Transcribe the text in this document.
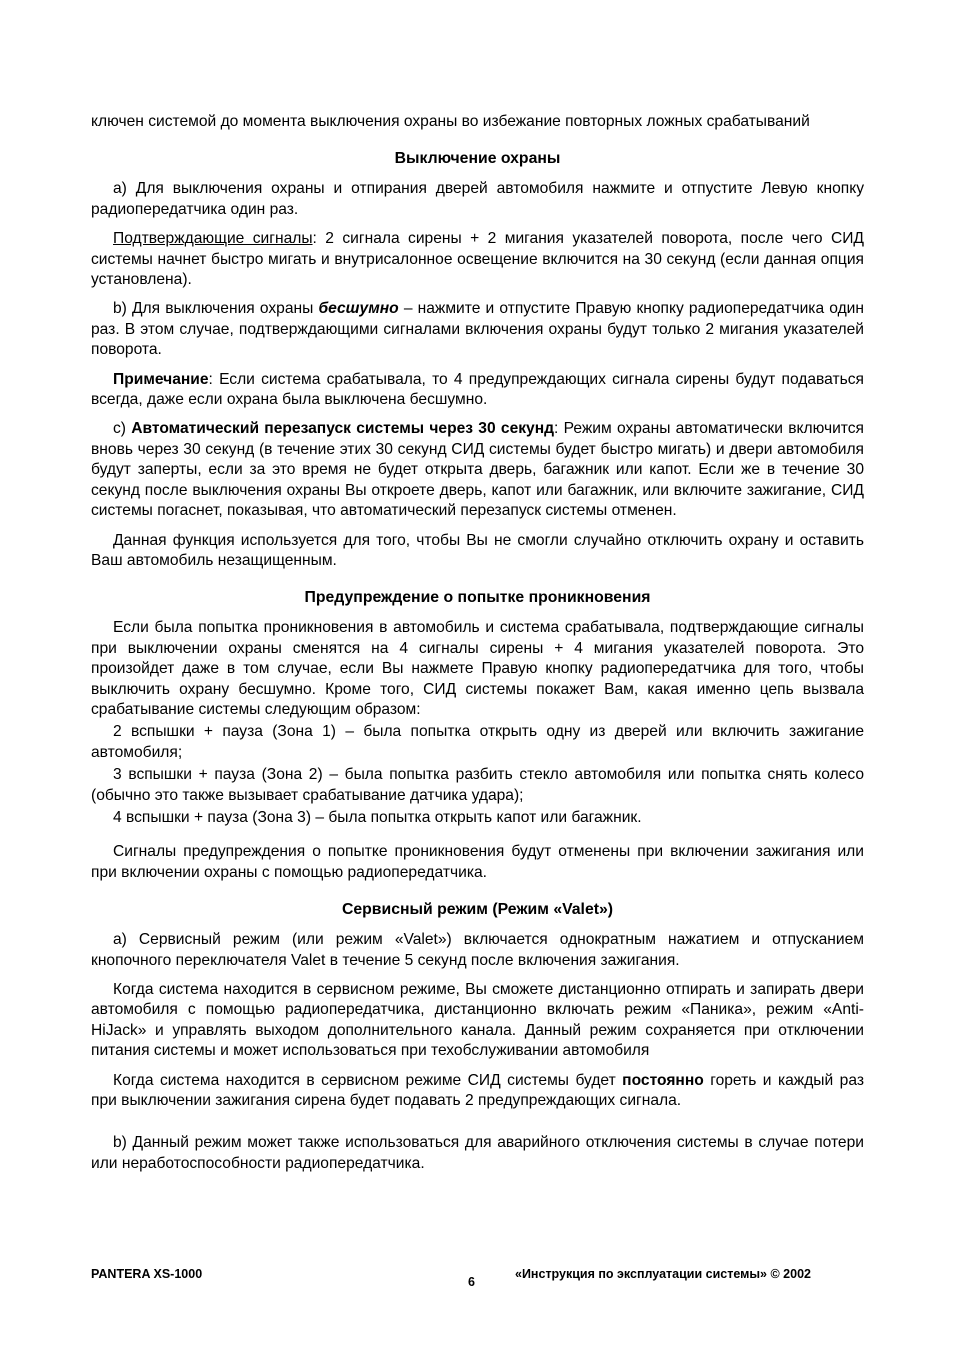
ключен системой до момента выключения охраны во избежание повторных ложных срабатываний

Выключение охраны

а) Для выключения охраны и отпирания дверей автомобиля нажмите и отпустите Левую кнопку радиопередатчика один раз.

Подтверждающие сигналы: 2 сигнала сирены + 2 мигания указателей поворота, после чего СИД системы начнет быстро мигать и внутрисалонное освещение включится на 30 секунд (если данная опция установлена).

b) Для выключения охраны бесшумно – нажмите и отпустите Правую кнопку радиопередатчика один раз. В этом случае, подтверждающими сигналами включения охраны будут только 2 мигания указателей поворота.

Примечание: Если система срабатывала, то 4 предупреждающих сигнала сирены будут подаваться всегда, даже если охрана была выключена бесшумно.

с) Автоматический перезапуск системы через 30 секунд: Режим охраны автоматически включится вновь через 30 секунд (в течение этих 30 секунд СИД системы будет быстро мигать) и двери автомобиля будут заперты, если за это время не будет открыта дверь, багажник или капот. Если же в течение 30 секунд после выключения охраны Вы откроете дверь, капот или багажник, или включите зажигание, СИД системы погаснет, показывая, что автоматический перезапуск системы отменен.

Данная функция используется для того, чтобы Вы не смогли случайно отключить охрану и оставить Ваш автомобиль незащищенным.

Предупреждение о попытке проникновения

Если была попытка проникновения в автомобиль и система срабатывала, подтверждающие сигналы при выключении охраны сменятся на 4 сигналы сирены + 4 мигания указателей поворота. Это произойдет даже в том случае, если Вы нажмете Правую кнопку радиопередатчика для того, чтобы выключить охрану бесшумно. Кроме того, СИД системы покажет Вам, какая именно цепь вызвала срабатывание системы следующим образом:

2 вспышки + пауза (Зона 1) – была попытка открыть одну из дверей или включить зажигание автомобиля;

3 вспышки + пауза (Зона 2) – была попытка разбить стекло автомобиля или попытка снять колесо (обычно это также вызывает срабатывание датчика удара);

4 вспышки + пауза (Зона 3) – была попытка открыть капот или багажник.

Сигналы предупреждения о попытке проникновения будут отменены при включении зажигания или при включении охраны с помощью радиопередатчика.

Сервисный режим (Режим «Valet»)

а) Сервисный режим (или режим «Valet») включается однократным нажатием и отпусканием кнопочного переключателя Valet в течение 5 секунд после включения зажигания.

Когда система находится в сервисном режиме, Вы сможете дистанционно отпирать и запирать двери автомобиля с помощью радиопередатчика, дистанционно включать режим «Паника», режим «Anti-HiJack» и управлять выходом дополнительного канала. Данный режим сохраняется при отключении питания системы и может использоваться при техобслуживании автомобиля

Когда система находится в сервисном режиме СИД системы будет постоянно гореть и каждый раз при выключении зажигания сирена будет подавать 2 предупреждающих сигнала.

b) Данный режим может также использоваться для аварийного отключения системы в случае потери или неработоспособности радиопередатчика.

PANTERA XS-1000
6
«Инструкция по эксплуатации системы» © 2002
